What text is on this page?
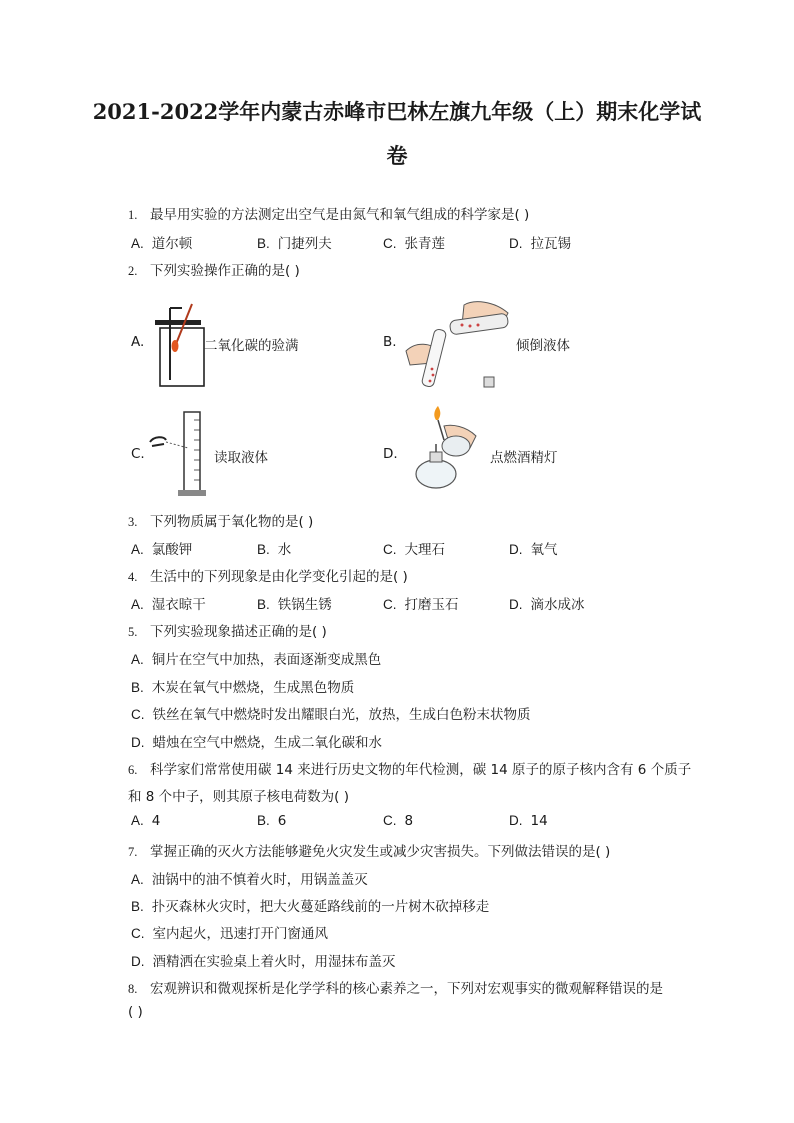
2021-2022学年内蒙古赤峰市巴林左旗九年级（上）期末化学试
卷
1. 最早用实验的方法测定出空气是由氮气和氧气组成的科学家是( )
A. 道尔顿	B. 门捷列夫	C. 张青莲	D. 拉瓦锡
2. 下列实验操作正确的是( )
A.	二氧化碳的验满	B.	倾倒液体
C.	读取液体	D.	点燃酒精灯
3. 下列物质属于氧化物的是( )
A. 氯酸钾	B. 水	C. 大理石	D. 氧气
4. 生活中的下列现象是由化学变化引起的是( )
A. 湿衣晾干	B. 铁锅生锈	C. 打磨玉石	D. 滴水成冰
5. 下列实验现象描述正确的是( )
A. 铜片在空气中加热，表面逐渐变成黑色
B. 木炭在氧气中燃烧，生成黑色物质
C. 铁丝在氧气中燃烧时发出耀眼白光，放热，生成白色粉末状物质
D. 蜡烛在空气中燃烧，生成二氧化碳和水
6. 科学家们常常使用碳 14 来进行历史文物的年代检测，碳 14 原子的原子核内含有 6 个质子
和 8 个中子，则其原子核电荷数为( )
A. 4	B. 6	C. 8	D. 14
7. 掌握正确的灭火方法能够避免火灾发生或减少灾害损失。下列做法错误的是( )
A. 油锅中的油不慎着火时，用锅盖盖灭
B. 扑灭森林火灾时，把大火蔓延路线前的一片树木砍掉移走
C. 室内起火，迅速打开门窗通风
D. 酒精洒在实验桌上着火时，用湿抹布盖灭
8. 宏观辨识和微观探析是化学学科的核心素养之一，下列对宏观事实的微观解释错误的是
( )
